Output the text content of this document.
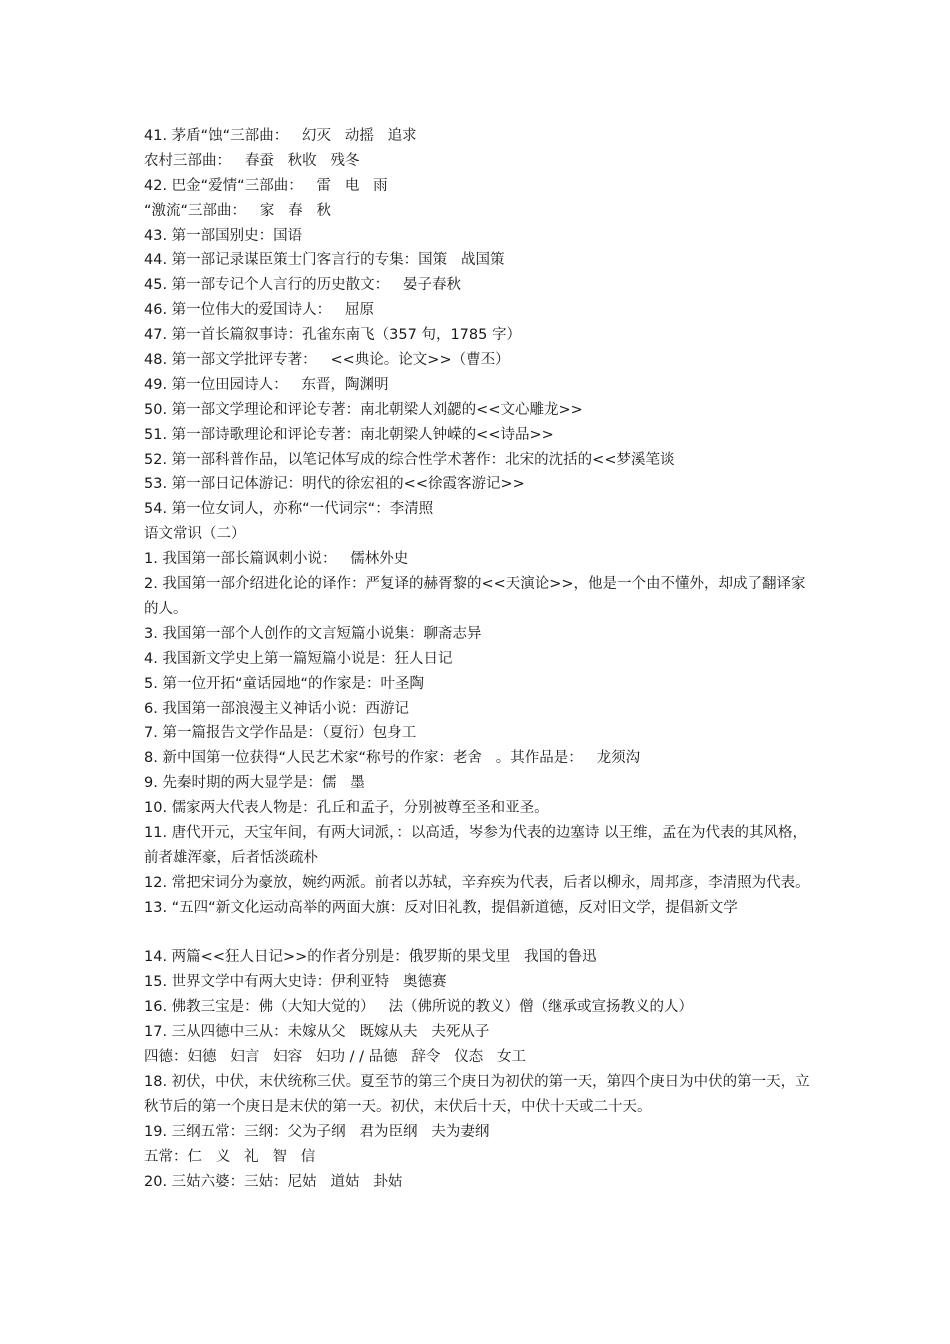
41. 茅盾“蚀“三部曲：   幻灭   动摇   追求
农村三部曲：   春蚕   秋收   残冬
42. 巴金“爱情“三部曲：   雷   电   雨
“激流“三部曲：   家   春   秋
43. 第一部国别史：国语
44. 第一部记录谋臣策士门客言行的专集：国策   战国策
45. 第一部专记个人言行的历史散文：   晏子春秋
46. 第一位伟大的爱国诗人：   屈原
47. 第一首长篇叙事诗：孔雀东南飞（357 句，1785 字）
48. 第一部文学批评专著：   <<典论。论文>>（曹丕）
49. 第一位田园诗人：   东晋，陶渊明
50. 第一部文学理论和评论专著：南北朝梁人刘勰的<<文心雕龙>>
51. 第一部诗歌理论和评论专著：南北朝梁人钟嵘的<<诗品>>
52. 第一部科普作品，以笔记体写成的综合性学术著作：北宋的沈括的<<梦溪笔谈
53. 第一部日记体游记：明代的徐宏祖的<<徐霞客游记>>
54. 第一位女词人，亦称“一代词宗“：李清照
语文常识（二）
1. 我国第一部长篇讽刺小说：   儒林外史
2. 我国第一部介绍进化论的译作：严复译的赫胥黎的<<天演论>>，他是一个由不懂外，却成了翻译家的人。
3. 我国第一部个人创作的文言短篇小说集：聊斋志异
4. 我国新文学史上第一篇短篇小说是：狂人日记
5. 第一位开拓“童话园地“的作家是：叶圣陶
6. 我国第一部浪漫主义神话小说：西游记
7. 第一篇报告文学作品是：（夏衍）包身工
8. 新中国第一位获得“人民艺术家“称号的作家：老舍   。其作品是：   龙须沟
9. 先秦时期的两大显学是：儒   墨
10. 儒家两大代表人物是：孔丘和孟子，分别被尊至圣和亚圣。
11. 唐代开元，天宝年间，有两大词派，：以高适，岑参为代表的边塞诗 以王维，孟在为代表的其风格，前者雄浑豪，后者恬淡疏朴
12. 常把宋词分为豪放，婉约两派。前者以苏轼，辛弃疾为代表，后者以柳永，周邦彦，李清照为代表。
13. “五四“新文化运动高举的两面大旗：反对旧礼教，提倡新道德，反对旧文学，提倡新文学
14. 两篇<<狂人日记>>的作者分别是：俄罗斯的果戈里   我国的鲁迅
15. 世界文学中有两大史诗：伊利亚特   奥德赛
16. 佛教三宝是：佛（大知大觉的）   法（佛所说的教义）僧（继承或宣扬教义的人）
17. 三从四德中三从：未嫁从父   既嫁从夫   夫死从子
四德：妇德   妇言   妇容   妇功 / / 品德   辞令   仪态   女工
18. 初伏，中伏，末伏统称三伏。夏至节的第三个庚日为初伏的第一天，第四个庚日为中伏的第一天，立秋节后的第一个庚日是末伏的第一天。初伏，末伏后十天，中伏十天或二十天。
19. 三纲五常：三纲：父为子纲   君为臣纲   夫为妻纲
五常：仁   义   礼   智   信
20. 三姑六婆：三姑：尼姑   道姑   卦姑
